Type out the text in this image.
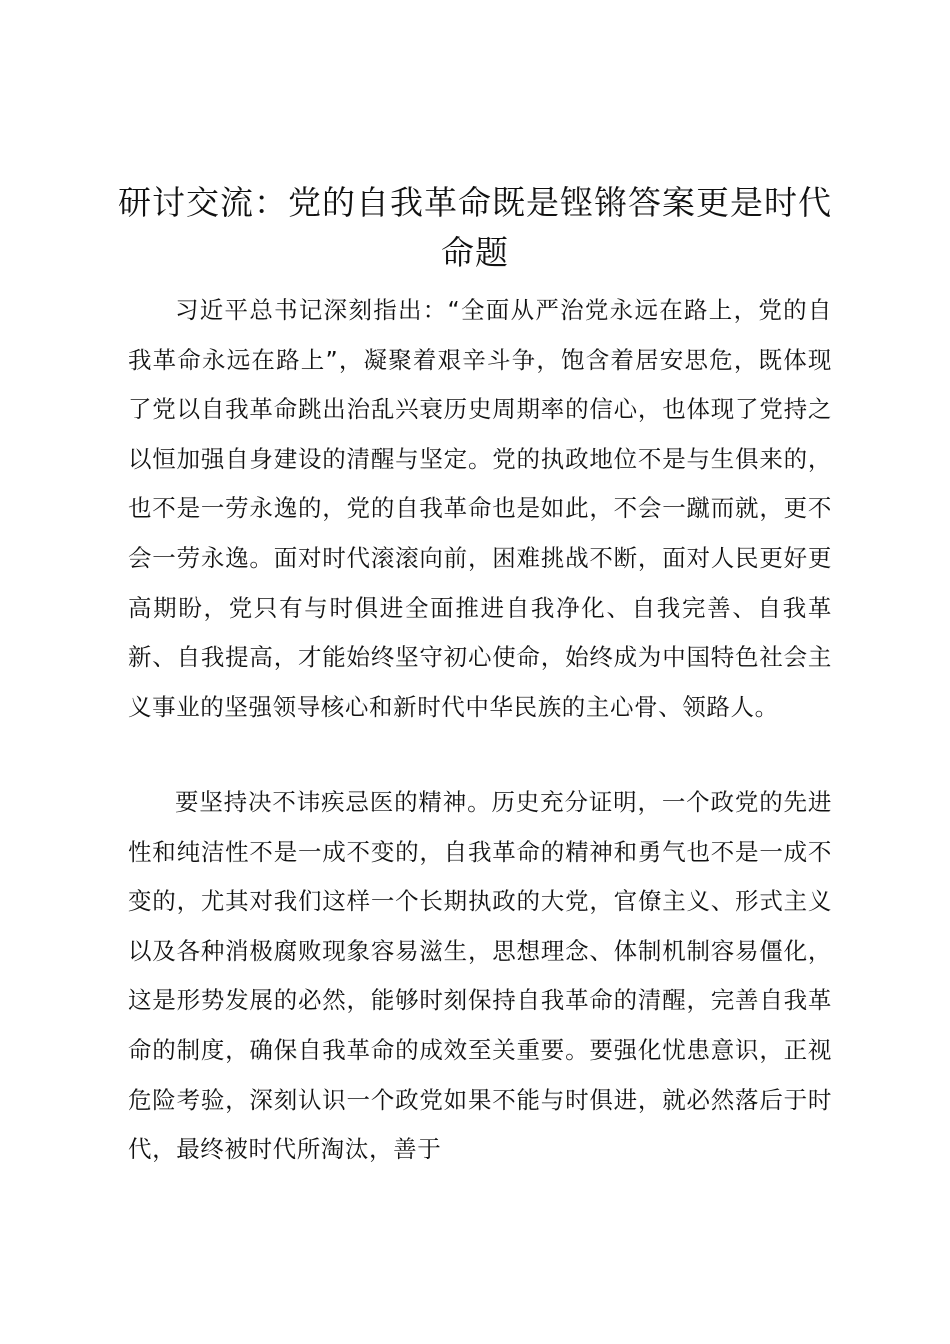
研讨交流：党的自我革命既是铿锵答案更是时代命题

习近平总书记深刻指出：“全面从严治党永远在路上，党的自我革命永远在路上”，凝聚着艰辛斗争，饱含着居安思危，既体现了党以自我革命跳出治乱兴衰历史周期率的信心，也体现了党持之以恒加强自身建设的清醒与坚定。党的执政地位不是与生俱来的，也不是一劳永逸的，党的自我革命也是如此，不会一蹴而就，更不会一劳永逸。面对时代滚滚向前，困难挑战不断，面对人民更好更高期盼，党只有与时俱进全面推进自我净化、自我完善、自我革新、自我提高，才能始终坚守初心使命，始终成为中国特色社会主义事业的坚强领导核心和新时代中华民族的主心骨、领路人。

要坚持决不讳疾忌医的精神。历史充分证明，一个政党的先进性和纯洁性不是一成不变的，自我革命的精神和勇气也不是一成不变的，尤其对我们这样一个长期执政的大党，官僚主义、形式主义以及各种消极腐败现象容易滋生，思想理念、体制机制容易僵化，这是形势发展的必然，能够时刻保持自我革命的清醒，完善自我革命的制度，确保自我革命的成效至关重要。要强化忧患意识，正视危险考验，深刻认识一个政党如果不能与时俱进，就必然落后于时代，最终被时代所淘汰，善于
